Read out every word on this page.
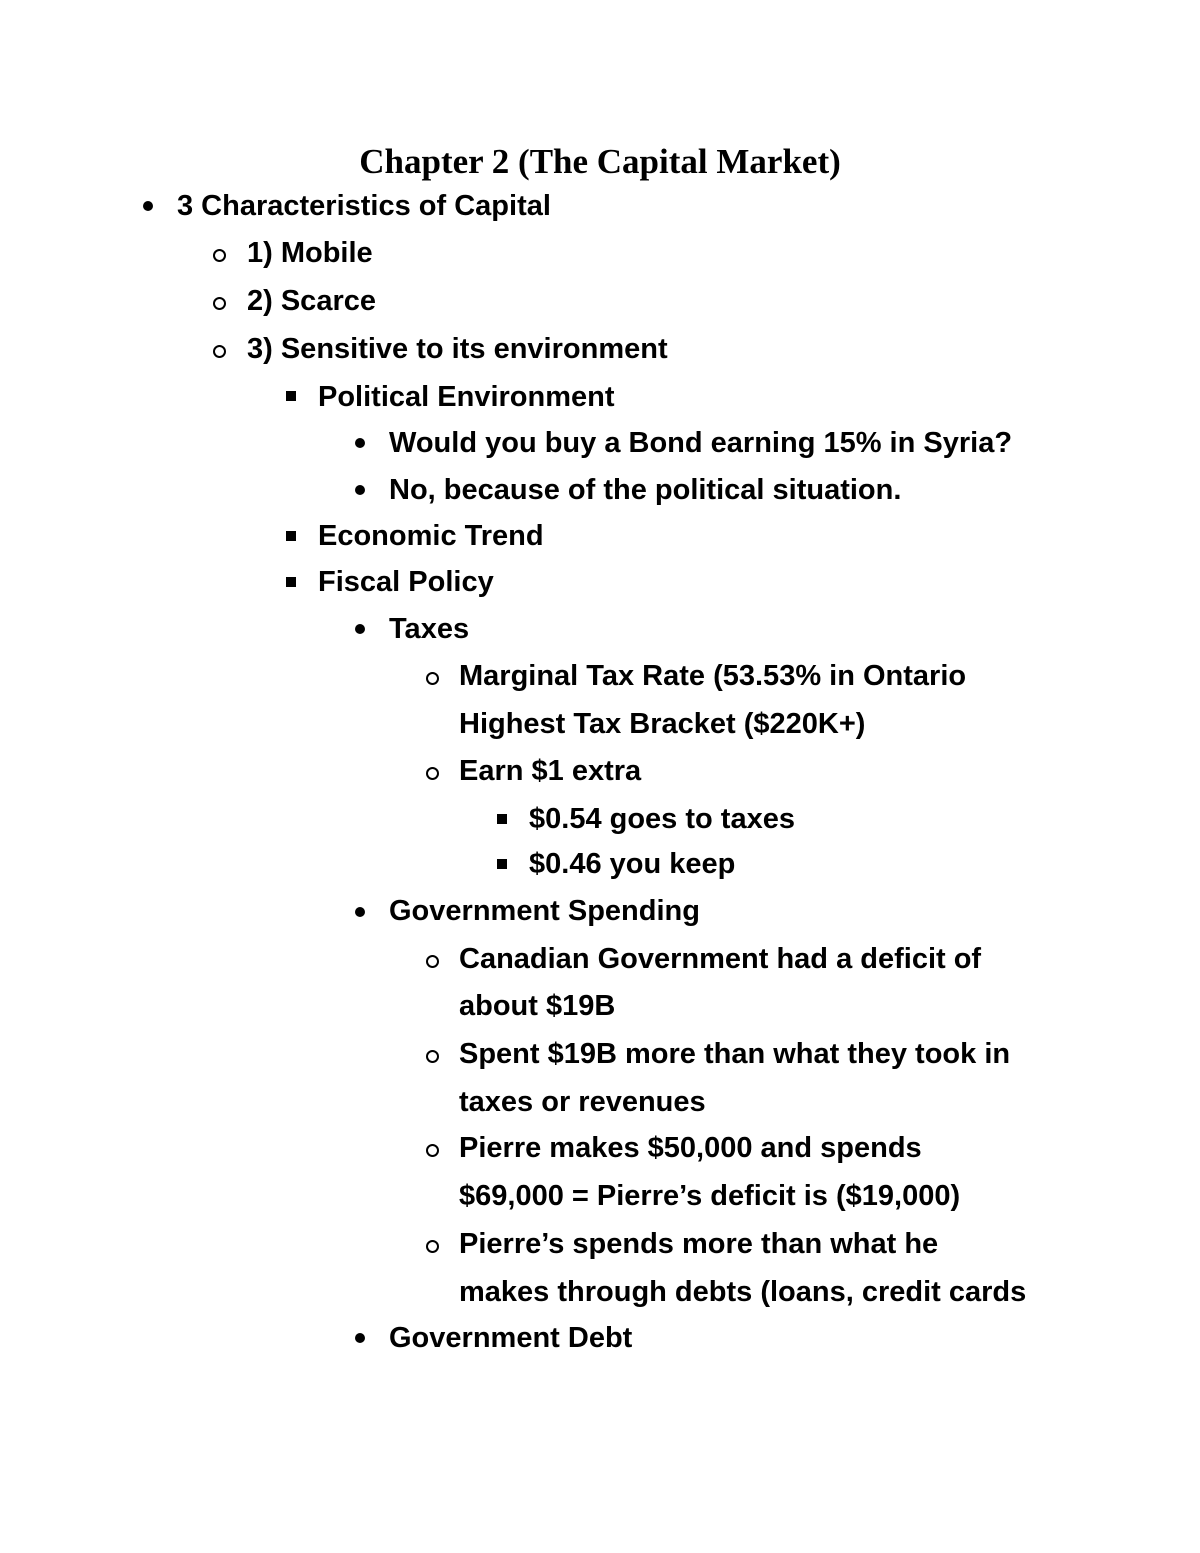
Chapter 2 (The Capital Market)
3 Characteristics of Capital
1) Mobile
2) Scarce
3) Sensitive to its environment
Political Environment
Would you buy a Bond earning 15% in Syria?
No, because of the political situation.
Economic Trend
Fiscal Policy
Taxes
Marginal Tax Rate (53.53% in Ontario
Highest Tax Bracket ($220K+)
Earn $1 extra
$0.54 goes to taxes
$0.46 you keep
Government Spending
Canadian Government had a deficit of
about $19B
Spent $19B more than what they took in
taxes or revenues
Pierre makes $50,000 and spends
$69,000 = Pierre’s deficit is ($19,000)
Pierre’s spends more than what he
makes through debts (loans, credit cards
Government Debt
